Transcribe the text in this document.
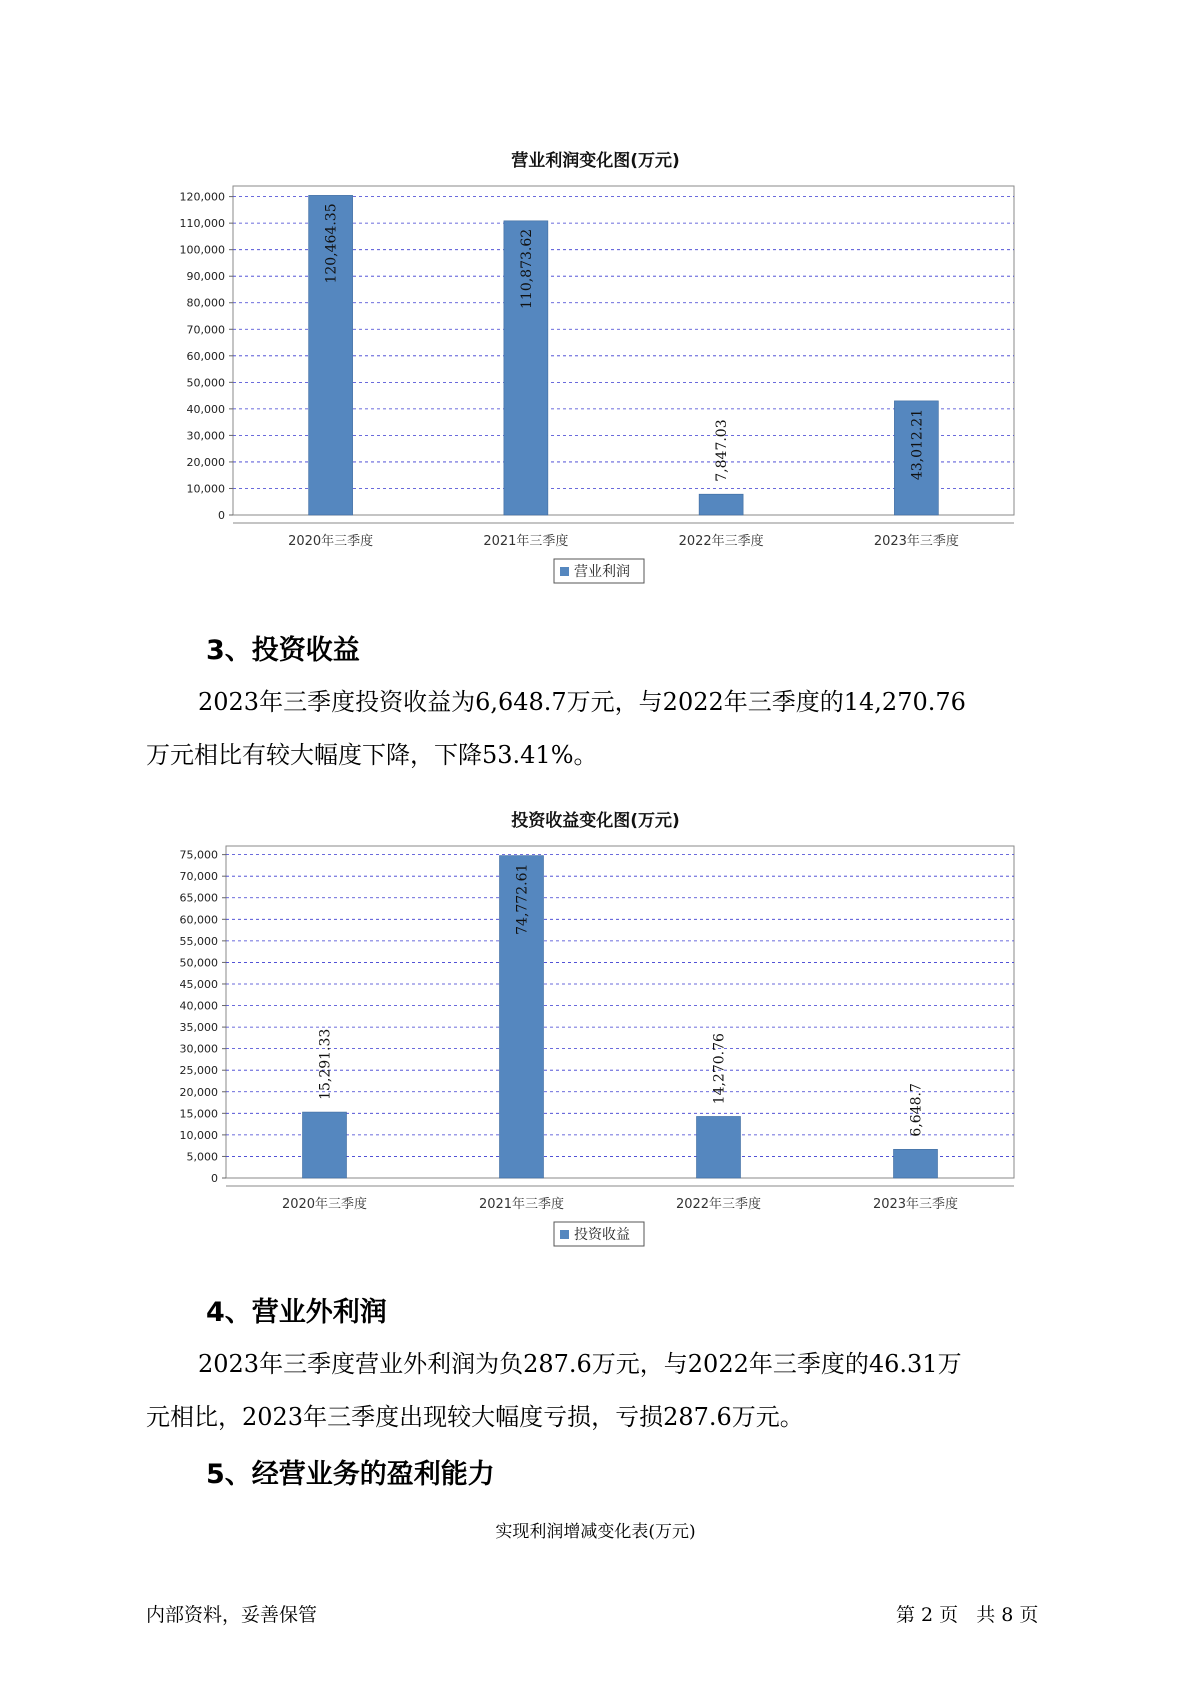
营业利润变化图(万元)
0
10,000
20,000
30,000
40,000
50,000
60,000
70,000
80,000
90,000
100,000
110,000
120,000
120,464.35
2020年三季度
110,873.62
2021年三季度
7,847.03
2022年三季度
43,012.21
2023年三季度
营业利润
3、投资收益
2023年三季度投资收益为6,648.7万元，与2022年三季度的14,270.76
万元相比有较大幅度下降，下降53.41%。
投资收益变化图(万元)
0
5,000
10,000
15,000
20,000
25,000
30,000
35,000
40,000
45,000
50,000
55,000
60,000
65,000
70,000
75,000
15,291.33
2020年三季度
74,772.61
2021年三季度
14,270.76
2022年三季度
6,648.7
2023年三季度
投资收益
4、营业外利润
2023年三季度营业外利润为负287.6万元，与2022年三季度的46.31万
元相比，2023年三季度出现较大幅度亏损，亏损287.6万元。
5、经营业务的盈利能力
实现利润增减变化表(万元)
内部资料，妥善保管	第 2 页 共 8 页
